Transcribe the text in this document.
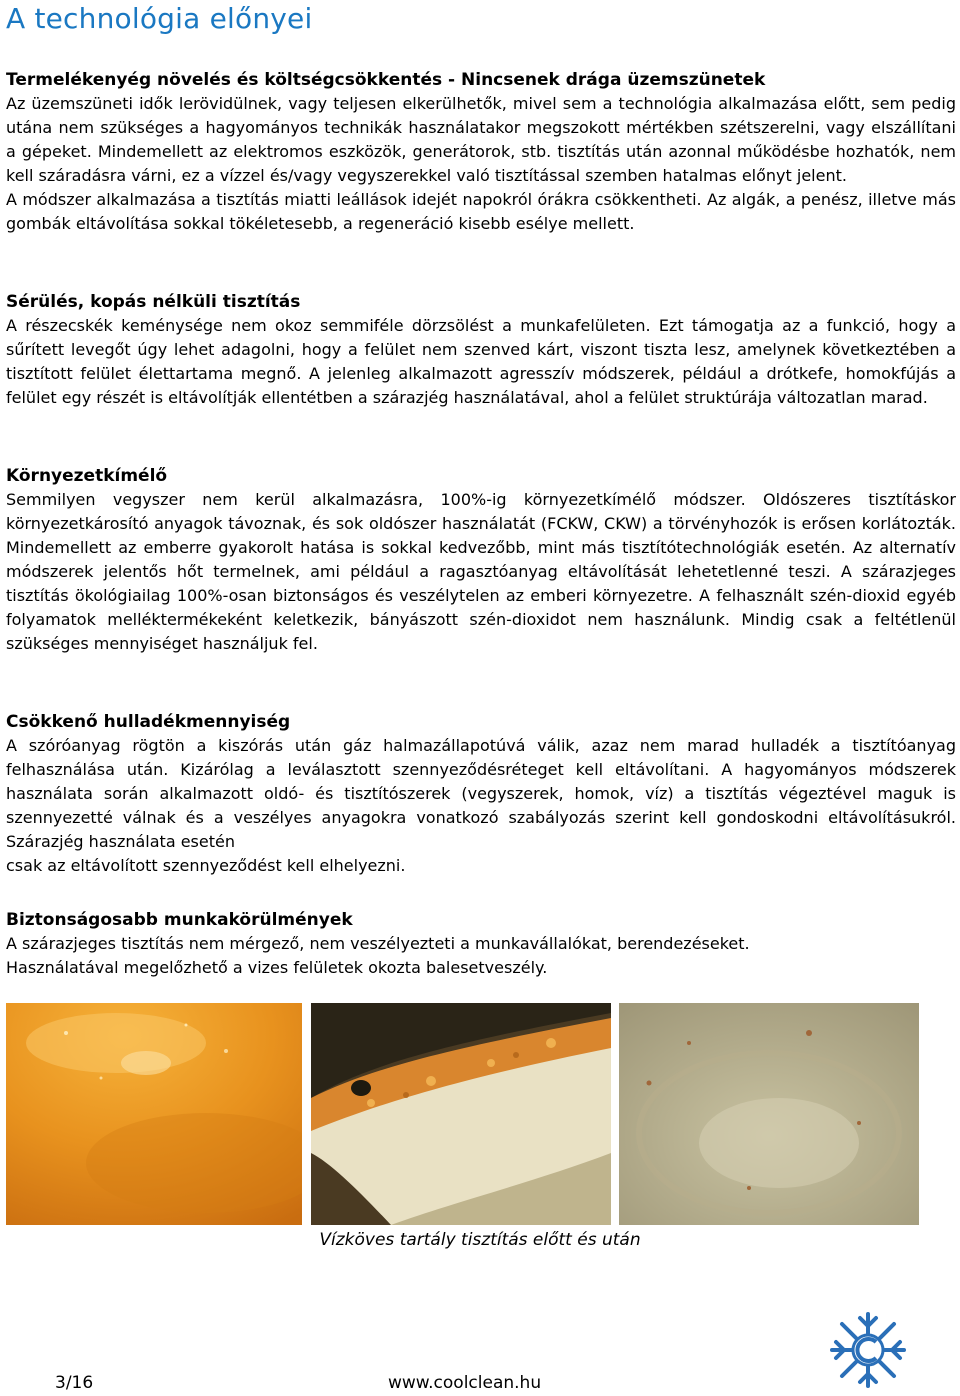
A technológia előnyei
Termelékenyég növelés és költségcsökkentés - Nincsenek drága üzemszünetek

Az üzemszüneti idők lerövidülnek, vagy teljesen elkerülhetők, mivel sem a technológia alkalmazása előtt, sem pedig utána nem szükséges a hagyományos technikák használatakor megszokott mértékben szétszerelni, vagy elszállítani a gépeket. Mindemellett az elektromos eszközök, generátorok, stb. tisztítás után azonnal működésbe hozhatók, nem kell száradásra várni, ez a vízzel és/vagy vegyszerekkel való tisztítással szemben hatalmas előnyt jelent.

A módszer alkalmazása a tisztítás miatti leállások idejét napokról órákra csökkentheti. Az algák, a penész, illetve más gombák eltávolítása sokkal tökéletesebb, a regeneráció kisebb esélye mellett.

Sérülés, kopás nélküli tisztítás

A részecskék keménysége nem okoz semmiféle dörzsölést a munkafelületen. Ezt támogatja az a funkció, hogy a sűrített levegőt úgy lehet adagolni, hogy a felület nem szenved kárt, viszont tiszta lesz, amelynek következtében a tisztított felület élettartama megnő. A jelenleg alkalmazott agresszív módszerek, például a drótkefe, homokfújás a felület egy részét is eltávolítják ellentétben a szárazjég használatával, ahol a felület struktúrája változatlan marad.

Környezetkímélő

Semmilyen vegyszer nem kerül alkalmazásra, 100%-ig környezetkímélő módszer. Oldószeres tisztításkor környezetkárosító anyagok távoznak, és sok oldószer használatát (FCKW, CKW) a törvényhozók is erősen korlátozták. Mindemellett az emberre gyakorolt hatása is sokkal kedvezőbb, mint más tisztítótechnológiák esetén. Az alternatív módszerek jelentős hőt termelnek, ami például a ragasztóanyag eltávolítását lehetetlenné teszi. A szárazjeges tisztítás ökológiailag 100%-osan biztonságos és veszélytelen az emberi környezetre. A felhasznált szén-dioxid egyéb folyamatok melléktermékeként keletkezik, bányászott szén-dioxidot nem használunk. Mindig csak a feltétlenül szükséges mennyiséget használjuk fel.

Csökkenő hulladékmennyiség

A szóróanyag rögtön a kiszórás után gáz halmazállapotúvá válik, azaz nem marad hulladék a tisztítóanyag felhasználása után. Kizárólag a leválasztott szennyeződésréteget kell eltávolítani. A hagyományos módszerek használata során alkalmazott oldó- és tisztítószerek (vegyszerek, homok, víz) a tisztítás végeztével maguk is szennyezetté válnak és a veszélyes anyagokra vonatkozó szabályozás szerint kell gondoskodni eltávolításukról. Szárazjég használata esetén

csak az eltávolított szennyeződést kell elhelyezni.

Biztonságosabb munkakörülmények

A szárazjeges tisztítás nem mérgező, nem veszélyezteti a munkavállalókat, berendezéseket.

Használatával megelőzhető a vizes felületek okozta balesetveszély.

Vízköves tartály tisztítás előtt és után
3/16	www.coolclean.hu
